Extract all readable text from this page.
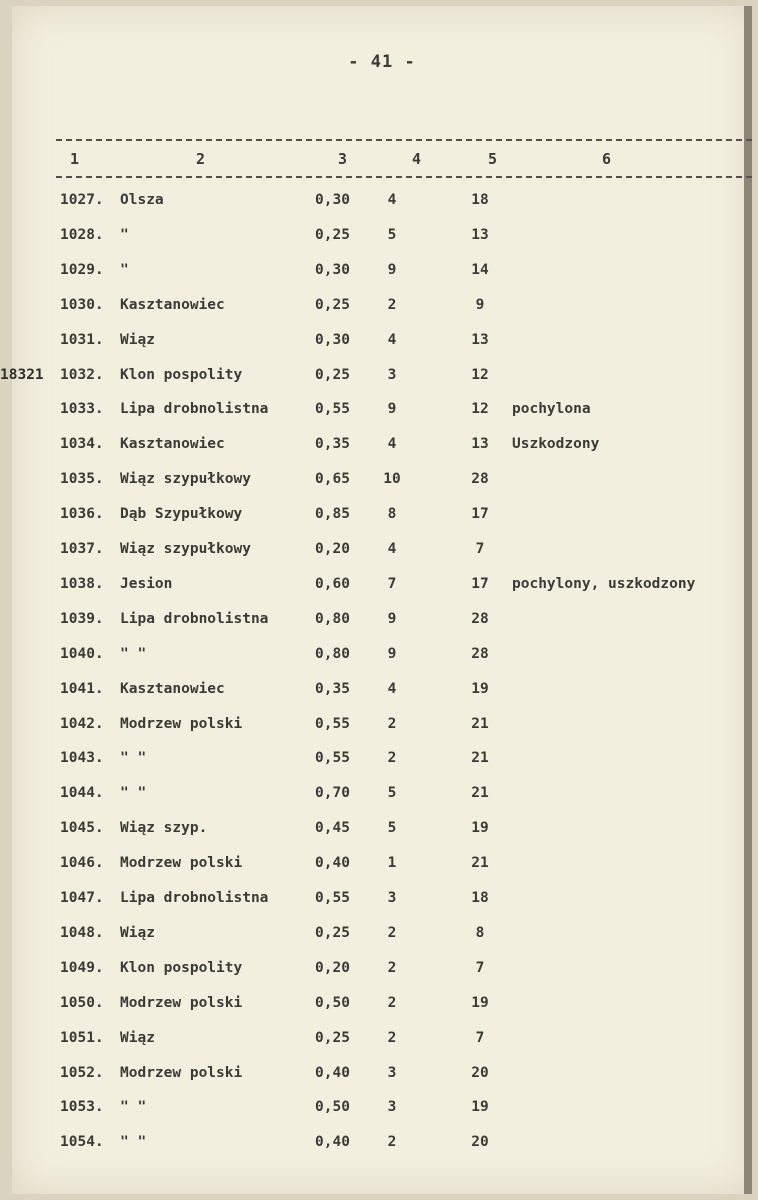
- 41 -
1	2	3	4	5	6
1027. Olsza	0,30	4	18
1028. "	0,25	5	13
1029. "	0,30	9	14
1030. Kasztanowiec	0,25	2	9
1031. Wiąz	0,30	4	13
1032. Klon pospolity	0,25	3	12
18321
1033. Lipa drobnolistna	0,55	9	12	pochylona
1034. Kasztanowiec	0,35	4	13	Uszkodzony
1035. Wiąz szypułkowy	0,65	10	28
1036. Dąb Szypułkowy	0,85	8	17
1037. Wiąz szypułkowy	0,20	4	7
1038. Jesion	0,60	7	17	pochylony, uszkodzony
1039. Lipa drobnolistna	0,80	9	28
1040. " "	0,80	9	28
1041. Kasztanowiec	0,35	4	19
1042. Modrzew polski	0,55	2	21
1043. " "	0,55	2	21
1044. " "	0,70	5	21
1045. Wiąz szyp.	0,45	5	19
1046. Modrzew polski	0,40	1	21
1047. Lipa drobnolistna	0,55	3	18
1048. Wiąz	0,25	2	8
1049. Klon pospolity	0,20	2	7
1050. Modrzew polski	0,50	2	19
1051. Wiąz	0,25	2	7
1052. Modrzew polski	0,40	3	20
1053. " "	0,50	3	19
1054. " "	0,40	2	20
